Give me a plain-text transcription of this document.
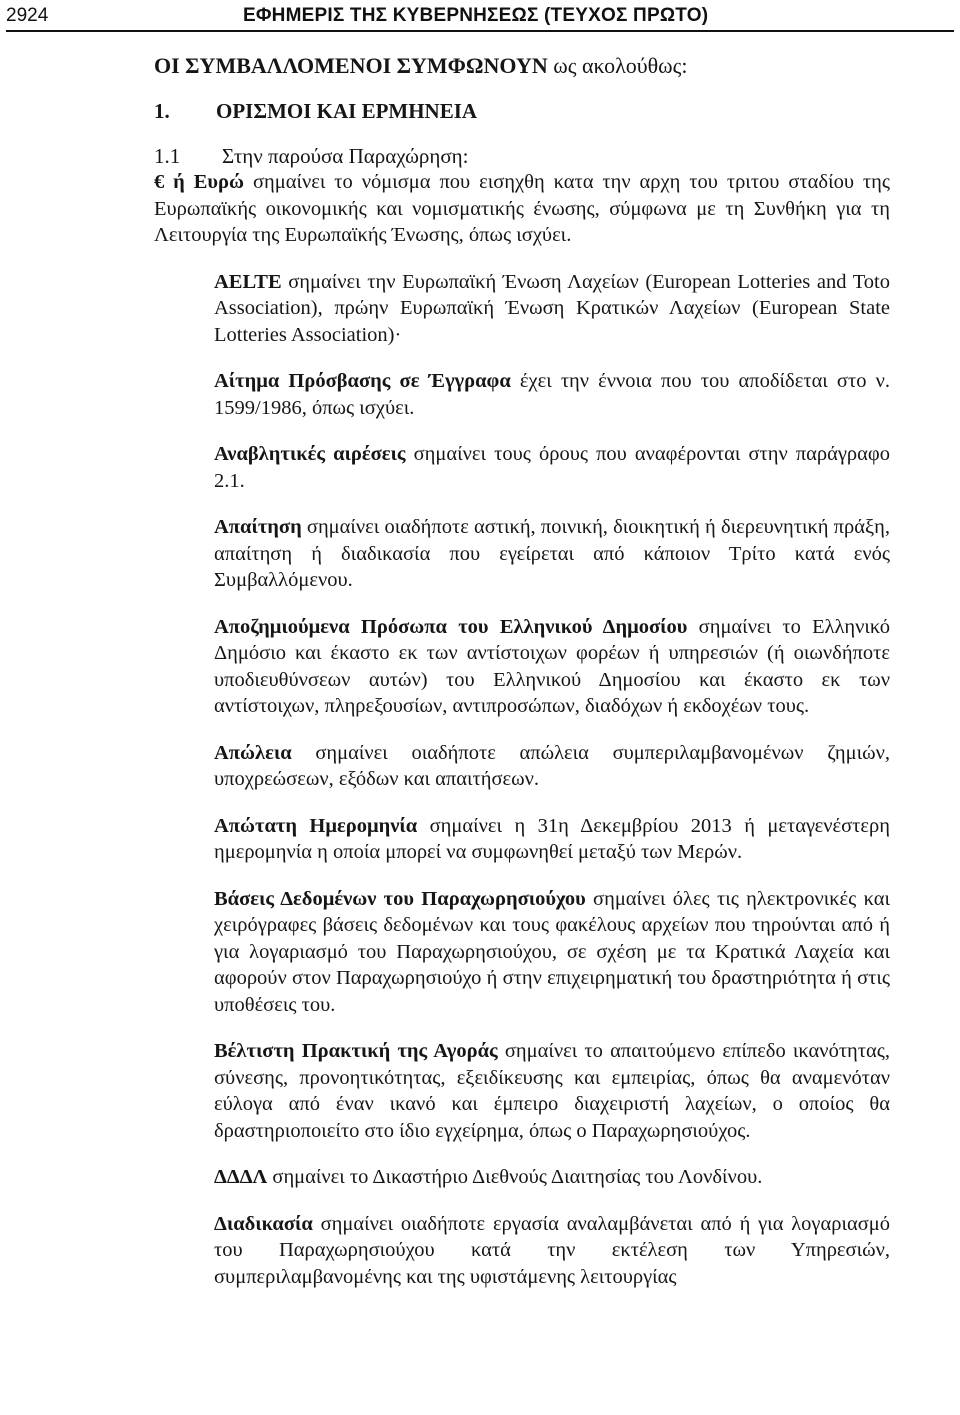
2924	ΕΦΗΜΕΡΙΣ ΤΗΣ ΚΥΒΕΡΝΗΣΕΩΣ (ΤΕΥΧΟΣ ΠΡΩΤΟ)
ΟΙ ΣΥΜΒΑΛΛΟΜΕΝΟΙ ΣΥΜΦΩΝΟΥΝ ως ακολούθως:
1. ΟΡΙΣΜΟΙ ΚΑΙ ΕΡΜΗΝΕΙΑ
1.1 Στην παρούσα Παραχώρηση:

€ ή Ευρώ σημαίνει το νόμισμα που εισηχθη κατα την αρχη του τριτου σταδίου της Ευρωπαϊκής οικονομικής και νομισματικής ένωσης, σύμφωνα με τη Συνθήκη για τη Λειτουργία της Ευρωπαϊκής Ένωσης, όπως ισχύει.

AELTE σημαίνει την Ευρωπαϊκή Ένωση Λαχείων (European Lotteries and Toto Association), πρώην Ευρωπαϊκή Ένωση Κρατικών Λαχείων (European State Lotteries Association)·

Αίτημα Πρόσβασης σε Έγγραφα έχει την έννοια που του αποδίδεται στο ν. 1599/1986, όπως ισχύει.

Αναβλητικές αιρέσεις σημαίνει τους όρους που αναφέρονται στην παράγραφο 2.1.

Απαίτηση σημαίνει οιαδήποτε αστική, ποινική, διοικητική ή διερευνητική πράξη, απαίτηση ή διαδικασία που εγείρεται από κάποιον Τρίτο κατά ενός Συμβαλλόμενου.

Αποζημιούμενα Πρόσωπα του Ελληνικού Δημοσίου σημαίνει το Ελληνικό Δημόσιο και έκαστο εκ των αντίστοιχων φορέων ή υπηρεσιών (ή οιωνδήποτε υποδιευθύνσεων αυτών) του Ελληνικού Δημοσίου και έκαστο εκ των αντίστοιχων, πληρεξουσίων, αντιπροσώπων, διαδόχων ή εκδοχέων τους.

Απώλεια σημαίνει οιαδήποτε απώλεια συμπεριλαμβανομένων ζημιών, υποχρεώσεων, εξόδων και απαιτήσεων.

Απώτατη Ημερομηνία σημαίνει η 31η Δεκεμβρίου 2013 ή μεταγενέστερη ημερομηνία η οποία μπορεί να συμφωνηθεί μεταξύ των Μερών.

Βάσεις Δεδομένων του Παραχωρησιούχου σημαίνει όλες τις ηλεκτρονικές και χειρόγραφες βάσεις δεδομένων και τους φακέλους αρχείων που τηρούνται από ή για λογαριασμό του Παραχωρησιούχου, σε σχέση με τα Κρατικά Λαχεία και αφορούν στον Παραχωρησιούχο ή στην επιχειρηματική του δραστηριότητα ή στις υποθέσεις του.

Βέλτιστη Πρακτική της Αγοράς σημαίνει το απαιτούμενο επίπεδο ικανότητας, σύνεσης, προνοητικότητας, εξειδίκευσης και εμπειρίας, όπως θα αναμενόταν εύλογα από έναν ικανό και έμπειρο διαχειριστή λαχείων, ο οποίος θα δραστηριοποιείτο στο ίδιο εγχείρημα, όπως ο Παραχωρησιούχος.

ΔΔΔΛ σημαίνει το Δικαστήριο Διεθνούς Διαιτησίας του Λονδίνου.

Διαδικασία σημαίνει οιαδήποτε εργασία αναλαμβάνεται από ή για λογαριασμό του Παραχωρησιούχου κατά την εκτέλεση των Υπηρεσιών, συμπεριλαμβανομένης και της υφιστάμενης λειτουργίας
